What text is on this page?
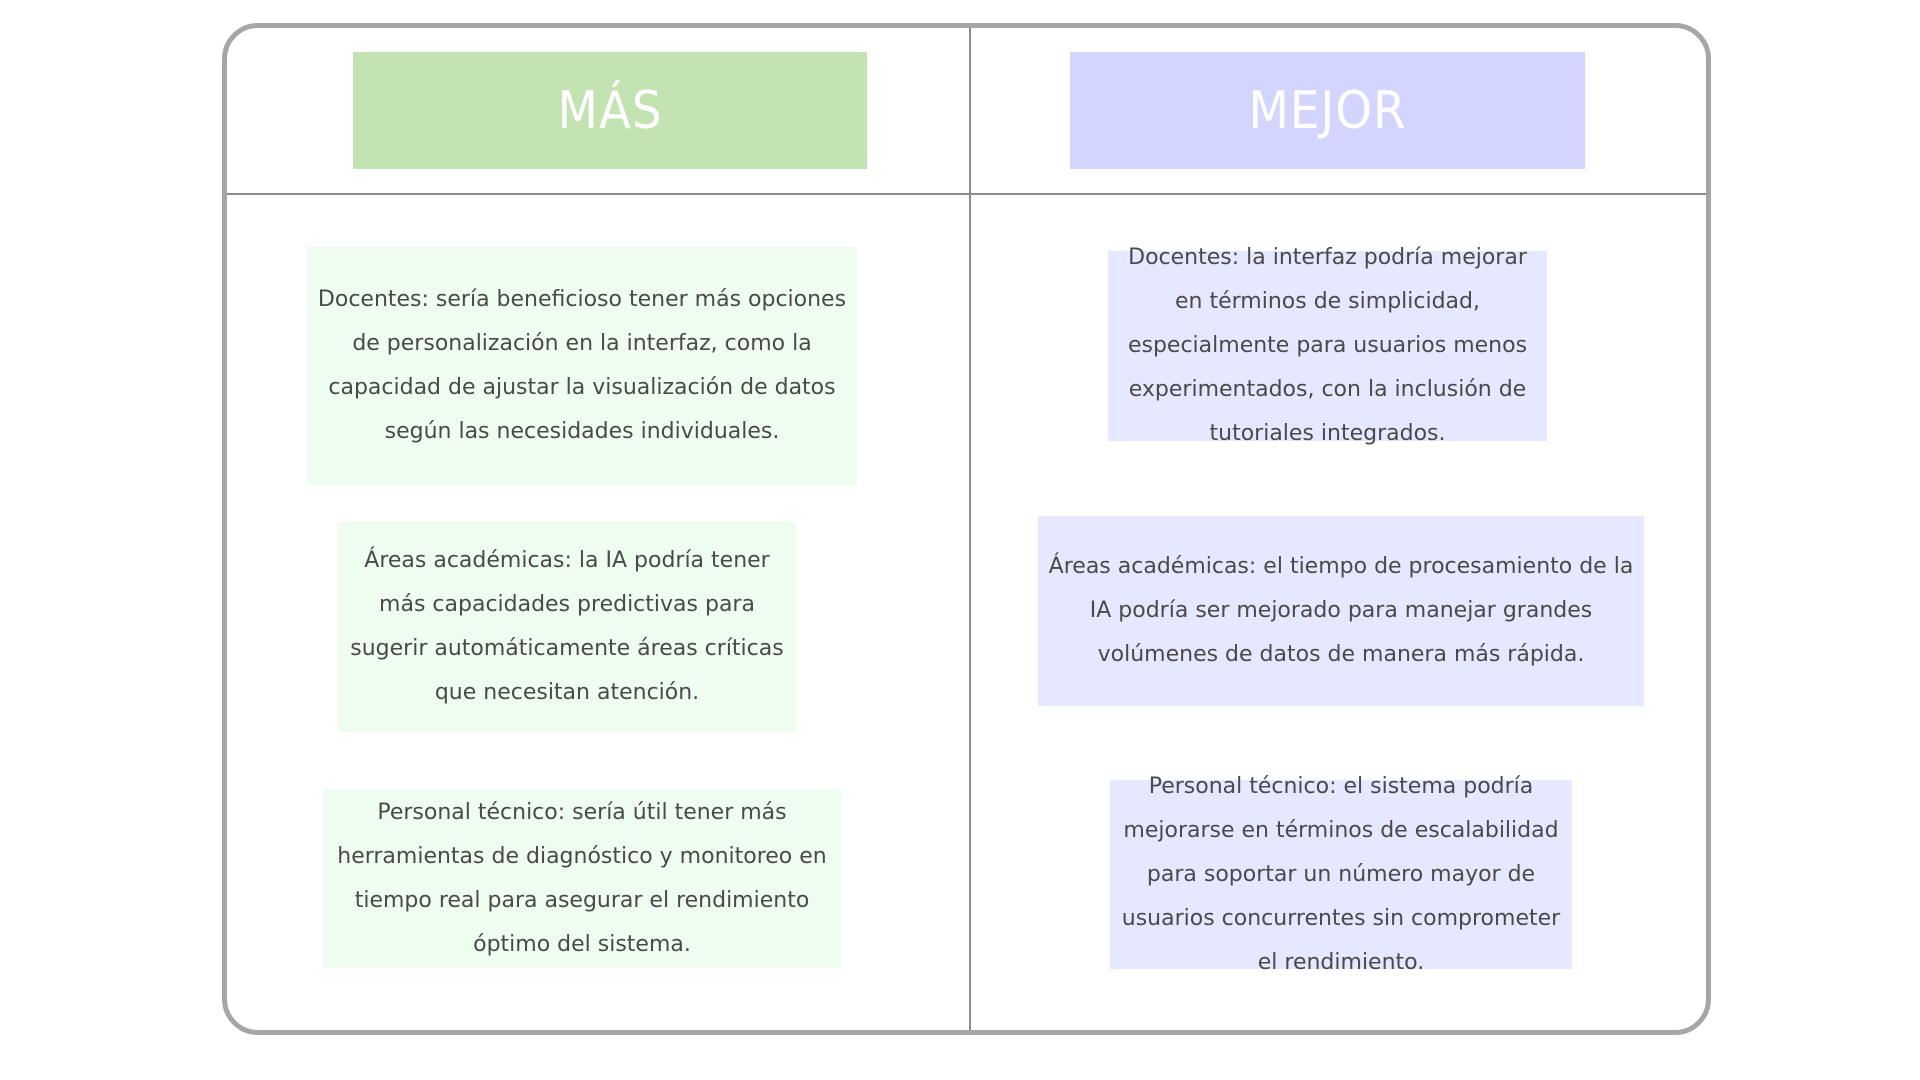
MÁS	MEJOR
Docentes: sería beneficioso tener más opciones de personalización en la interfaz, como la capacidad de ajustar la visualización de datos según las necesidades individuales.
Áreas académicas: la IA podría tener más capacidades predictivas para sugerir automáticamente áreas críticas que necesitan atención.
Personal técnico: sería útil tener más herramientas de diagnóstico y monitoreo en tiempo real para asegurar el rendimiento óptimo del sistema.
Docentes: la interfaz podría mejorar en términos de simplicidad, especialmente para usuarios menos experimentados, con la inclusión de tutoriales integrados.
Áreas académicas: el tiempo de procesamiento de la IA podría ser mejorado para manejar grandes volúmenes de datos de manera más rápida.
Personal técnico: el sistema podría mejorarse en términos de escalabilidad para soportar un número mayor de usuarios concurrentes sin comprometer el rendimiento.
